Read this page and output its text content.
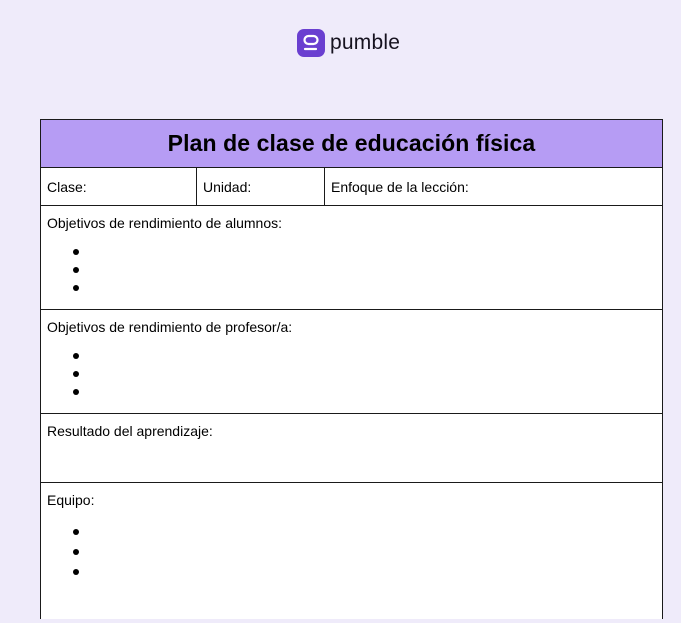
pumble
Plan de clase de educación física
Clase:	Unidad:	Enfoque de la lección:
Objetivos de rendimiento de alumnos:
Objetivos de rendimiento de profesor/a:
Resultado del aprendizaje:
Equipo:
